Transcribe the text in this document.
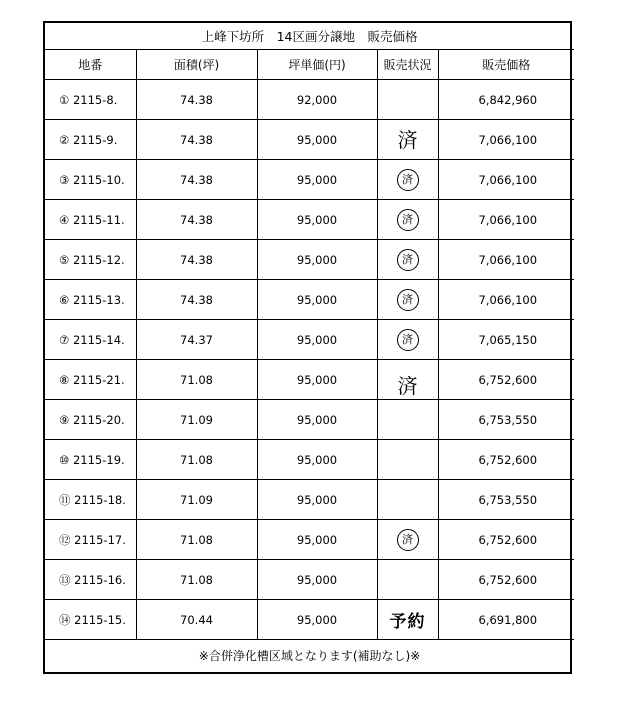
上峰下坊所　14区画分譲地　販売価格				
地番	面積(坪)	坪単価(円)	販売状況	販売価格
① 2115-8.	74.38	92,000		6,842,960
② 2115-9.	74.38	95,000	済	7,066,100
③ 2115-10.	74.38	95,000	済	7,066,100
④ 2115-11.	74.38	95,000	済	7,066,100
⑤ 2115-12.	74.38	95,000	済	7,066,100
⑥ 2115-13.	74.38	95,000	済	7,066,100
⑦ 2115-14.	74.37	95,000	済	7,065,150
⑧ 2115-21.	71.08	95,000	済	6,752,600
⑨ 2115-20.	71.09	95,000		6,753,550
⑩ 2115-19.	71.08	95,000		6,752,600
⑪ 2115-18.	71.09	95,000		6,753,550
⑫ 2115-17.	71.08	95,000	済	6,752,600
⑬ 2115-16.	71.08	95,000		6,752,600
⑭ 2115-15.	70.44	95,000	予約	6,691,800
※合併浄化槽区域となります(補助なし)※				
